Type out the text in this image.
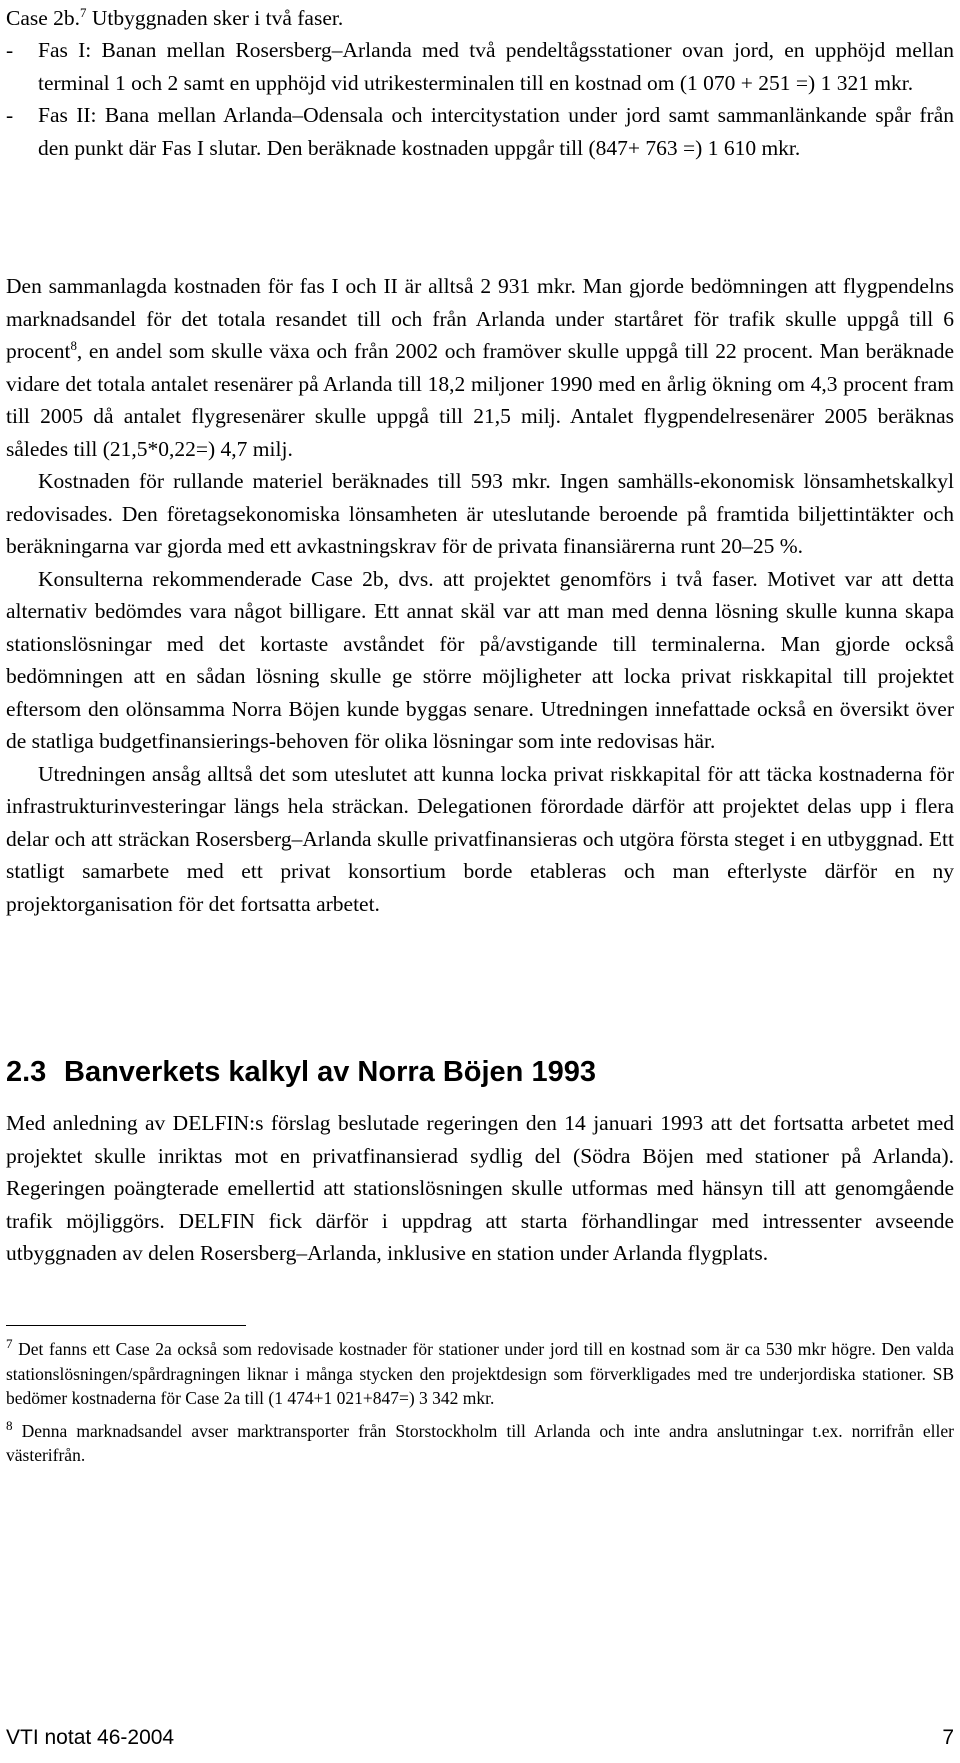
Case 2b.$^7$ Utbyggnaden sker i två faser.

- Fas I: Banan mellan Rosersberg–Arlanda med två pendeltågsstationer ovan jord, en upphöjd mellan terminal 1 och 2 samt en upphöjd vid utrikesterminalen till en kostnad om (1 070 + 251 =) 1 321 mkr.

- Fas II: Bana mellan Arlanda–Odensala och intercitystation under jord samt sammanlänkande spår från den punkt där Fas I slutar. Den beräknade kostnaden uppgår till (847+ 763 =) 1 610 mkr.

Den sammanlagda kostnaden för fas I och II är alltså 2 931 mkr. Man gjorde bedömningen att flygpendelns marknadsandel för det totala resandet till och från Arlanda under startåret för trafik skulle uppgå till 6 procent$^8$, en andel som skulle växa och från 2002 och framöver skulle uppgå till 22 procent. Man beräknade vidare det totala antalet resenärer på Arlanda till 18,2 miljoner 1990 med en årlig ökning om 4,3 procent fram till 2005 då antalet flygresenärer skulle uppgå till 21,5 milj. Antalet flygpendelresenärer 2005 beräknas således till (21,5*0,22=) 4,7 milj.

Kostnaden för rullande materiel beräknades till 593 mkr. Ingen samhälls-ekonomisk lönsamhetskalkyl redovisades. Den företagsekonomiska lönsamheten är uteslutande beroende på framtida biljettintäkter och beräkningarna var gjorda med ett avkastningskrav för de privata finansiärerna runt 20–25 %.

Konsulterna rekommenderade Case 2b, dvs. att projektet genomförs i två faser. Motivet var att detta alternativ bedömdes vara något billigare. Ett annat skäl var att man med denna lösning skulle kunna skapa stationslösningar med det kortaste avståndet för på/avstigande till terminalerna. Man gjorde också bedömningen att en sådan lösning skulle ge större möjligheter att locka privat riskkapital till projektet eftersom den olönsamma Norra Böjen kunde byggas senare. Utredningen innefattade också en översikt över de statliga budgetfinansierings-behoven för olika lösningar som inte redovisas här.

Utredningen ansåg alltså det som uteslutet att kunna locka privat riskkapital för att täcka kostnaderna för infrastrukturinvesteringar längs hela sträckan. Delegationen förordade därför att projektet delas upp i flera delar och att sträckan Rosersberg–Arlanda skulle privatfinansieras och utgöra första steget i en utbyggnad. Ett statligt samarbete med ett privat konsortium borde etableras och man efterlyste därför en ny projektorganisation för det fortsatta arbetet.

2.3 Banverkets kalkyl av Norra Böjen 1993

Med anledning av DELFIN:s förslag beslutade regeringen den 14 januari 1993 att det fortsatta arbetet med projektet skulle inriktas mot en privatfinansierad sydlig del (Södra Böjen med stationer på Arlanda). Regeringen poängterade emellertid att stationslösningen skulle utformas med hänsyn till att genomgående trafik möjliggörs. DELFIN fick därför i uppdrag att starta förhandlingar med intressenter avseende utbyggnaden av delen Rosersberg–Arlanda, inklusive en station under Arlanda flygplats.

$^7$ Det fanns ett Case 2a också som redovisade kostnader för stationer under jord till en kostnad som är ca 530 mkr högre. Den valda stationslösningen/spårdragningen liknar i många stycken den projektdesign som förverkligades med tre underjordiska stationer. SB bedömer kostnaderna för Case 2a till (1 474+1 021+847=) 3 342 mkr.

$^8$ Denna marknadsandel avser marktransporter från Storstockholm till Arlanda och inte andra anslutningar t.ex. norrifrån eller västerifrån.

VTI notat 46-2004	7
